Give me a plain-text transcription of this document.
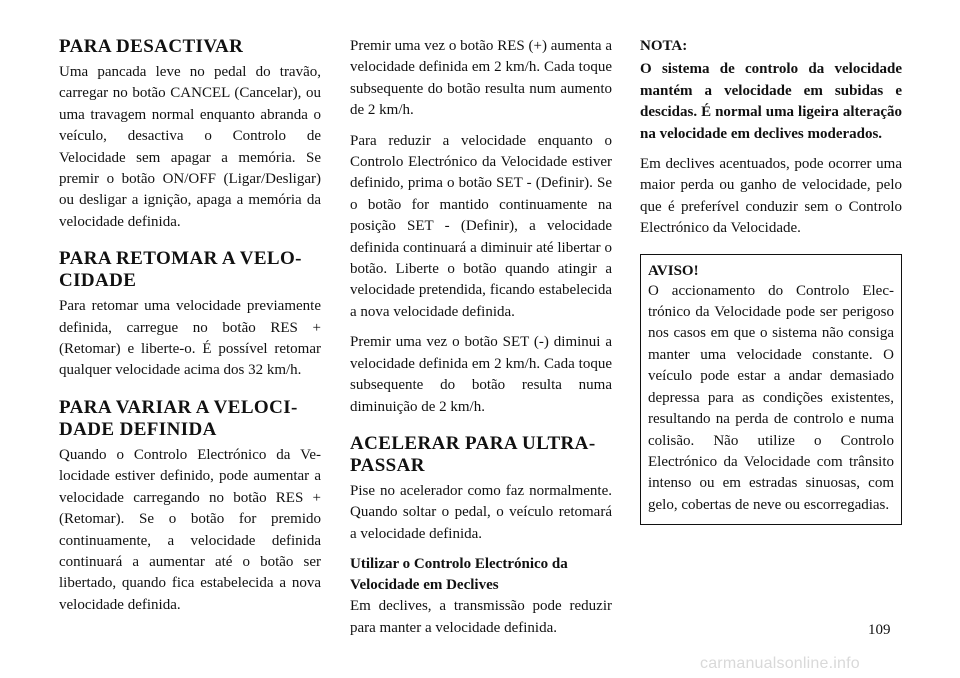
PARA DESACTIVAR

Uma pancada leve no pedal do travão, carregar no botão CANCEL (Cancelar), ou uma travagem normal enquanto abranda o veículo, desactiva o Controlo de Velocidade sem apagar a memória. Se premir o botão ON/OFF (Ligar/Desligar) ou desligar a ignição, apaga a memória da velocidade definida.

PARA RETOMAR A VELOCIDADE

Para retomar uma velocidade previamente definida, carregue no botão RES + (Retomar) e liberte-o. É possível retomar qualquer velocidade acima dos 32 km/h.

PARA VARIAR A VELOCIDADE DEFINIDA

Quando o Controlo Electrónico da Velocidade estiver definido, pode aumentar a velocidade carregando no botão RES + (Retomar). Se o botão for premido continuamente, a velocidade definida continuará a aumentar até o botão ser libertado, quando fica estabelecida a nova velocidade definida.

Premir uma vez o botão RES (+) aumenta a velocidade definida em 2 km/h. Cada toque subsequente do botão resulta num aumento de 2 km/h.

Para reduzir a velocidade enquanto o Controlo Electrónico da Velocidade estiver definido, prima o botão SET - (Definir). Se o botão for mantido continuamente na posição SET - (Definir), a velocidade definida continuará a diminuir até libertar o botão. Liberte o botão quando atingir a velocidade pretendida, ficando estabelecida a nova velocidade definida.

Premir uma vez o botão SET (-) diminui a velocidade definida em 2 km/h. Cada toque subsequente do botão resulta numa diminuição de 2 km/h.

ACELERAR PARA ULTRAPASSAR

Pise no acelerador como faz normalmente. Quando soltar o pedal, o veículo retomará a velocidade definida.

Utilizar o Controlo Electrónico da Velocidade em Declives

Em declives, a transmissão pode reduzir para manter a velocidade definida.

NOTA:

O sistema de controlo da velocidade mantém a velocidade em subidas e descidas. É normal uma ligeira alteração na velocidade em declives moderados.

Em declives acentuados, pode ocorrer uma maior perda ou ganho de velocidade, pelo que é preferível conduzir sem o Controlo Electrónico da Velocidade.

AVISO!

O accionamento do Controlo Electrónico da Velocidade pode ser perigoso nos casos em que o sistema não consiga manter uma velocidade constante. O veículo pode estar a andar demasiado depressa para as condições existentes, resultando na perda de controlo e numa colisão. Não utilize o Controlo Electrónico da Velocidade com trânsito intenso ou em estradas sinuosas, com gelo, cobertas de neve ou escorregadias.

109
carmanualsonline.info
